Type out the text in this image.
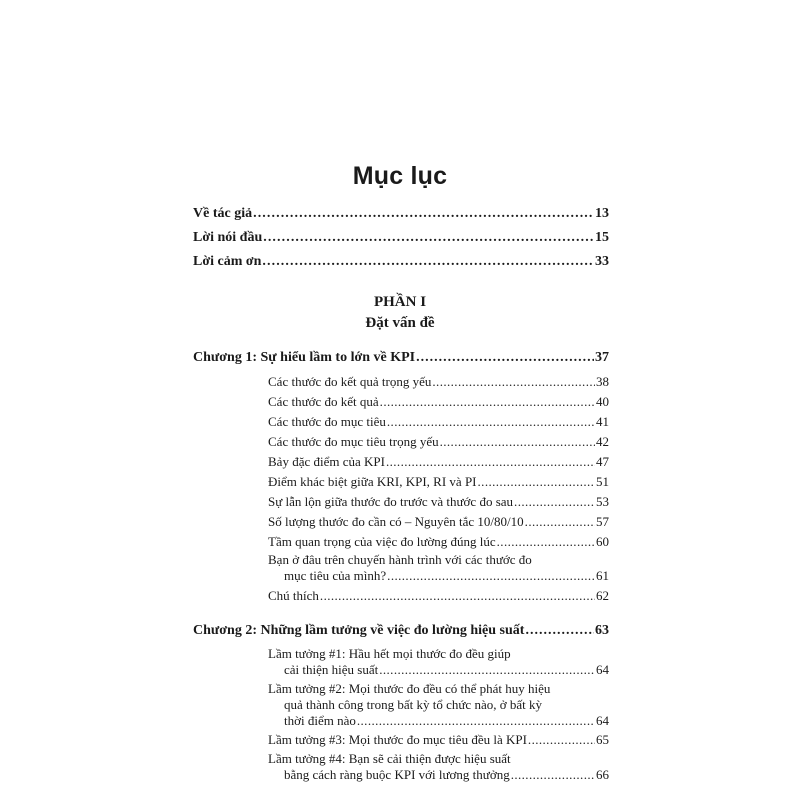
Mục lục
Về tác giả .....	13
Lời nói đầu .....	15
Lời cảm ơn .....	33
PHẦN I
Đặt vấn đề
Chương 1: Sự hiểu lầm to lớn về KPI .....	37
Các thước đo kết quả trọng yếu .....	38
Các thước đo kết quả .....	40
Các thước đo mục tiêu .....	41
Các thước đo mục tiêu trọng yếu .....	42
Bảy đặc điểm của KPI .....	47
Điểm khác biệt giữa KRI, KPI, RI và PI .....	51
Sự lẫn lộn giữa thước đo trước và thước đo sau .....	53
Số lượng thước đo cần có – Nguyên tắc 10/80/10 .....	57
Tầm quan trọng của việc đo lường đúng lúc .....	60
Bạn ở đâu trên chuyến hành trình với các thước đo
mục tiêu của mình? .....	61
Chú thích .....	62
Chương 2: Những lầm tưởng về việc đo lường hiệu suất .....	63
Lầm tưởng #1: Hầu hết mọi thước đo đều giúp
cải thiện hiệu suất .....	64
Lầm tưởng #2: Mọi thước đo đều có thể phát huy hiệu
quả thành công trong bất kỳ tổ chức nào, ở bất kỳ
thời điểm nào .....	64
Lầm tưởng #3: Mọi thước đo mục tiêu đều là KPI .....	65
Lầm tưởng #4: Bạn sẽ cải thiện được hiệu suất
bằng cách ràng buộc KPI với lương thưởng .....	66
